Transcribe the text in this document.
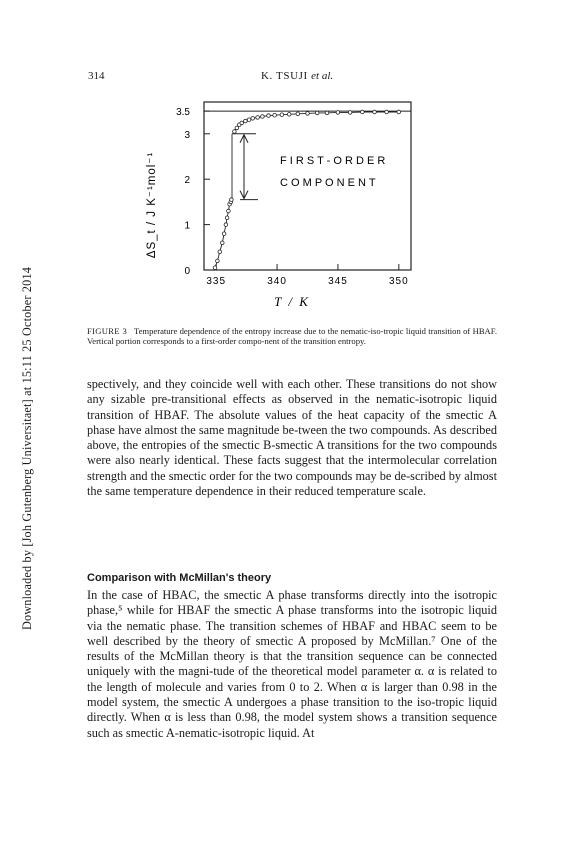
Downloaded by [Joh Gutenberg Universitaet] at 15:11 25 October 2014
314	K. TSUJI et al.
0
1
2
3
3.5
335	340	345	350
F I R S T - O R D E R
C O M P O N E N T
ΔS_t / J K⁻¹mol⁻¹
T / K
FIGURE 3 Temperature dependence of the entropy increase due to the nematic-iso-tropic liquid transition of HBAF. Vertical portion corresponds to a first-order compo-nent of the transition entropy.

spectively, and they coincide well with each other. These transitions do not show any sizable pre-transitional effects as observed in the nematic-isotropic liquid transition of HBAF. The absolute values of the heat capacity of the smectic A phase have almost the same magnitude be-tween the two compounds. As described above, the entropies of the smectic B-smectic A transitions for the two compounds were also nearly identical. These facts suggest that the intermolecular correlation strength and the smectic order for the two compounds may be de-scribed by almost the same temperature dependence in their reduced temperature scale.

Comparison with McMillan's theory

In the case of HBAC, the smectic A phase transforms directly into the isotropic phase,⁵ while for HBAF the smectic A phase transforms into the isotropic liquid via the nematic phase. The transition schemes of HBAF and HBAC seem to be well described by the theory of smectic A proposed by McMillan.⁷ One of the results of the McMillan theory is that the transition sequence can be connected uniquely with the magni-tude of the theoretical model parameter α. α is related to the length of molecule and varies from 0 to 2. When α is larger than 0.98 in the model system, the smectic A undergoes a phase transition to the iso-tropic liquid directly. When α is less than 0.98, the model system shows a transition sequence such as smectic A-nematic-isotropic liquid. At
